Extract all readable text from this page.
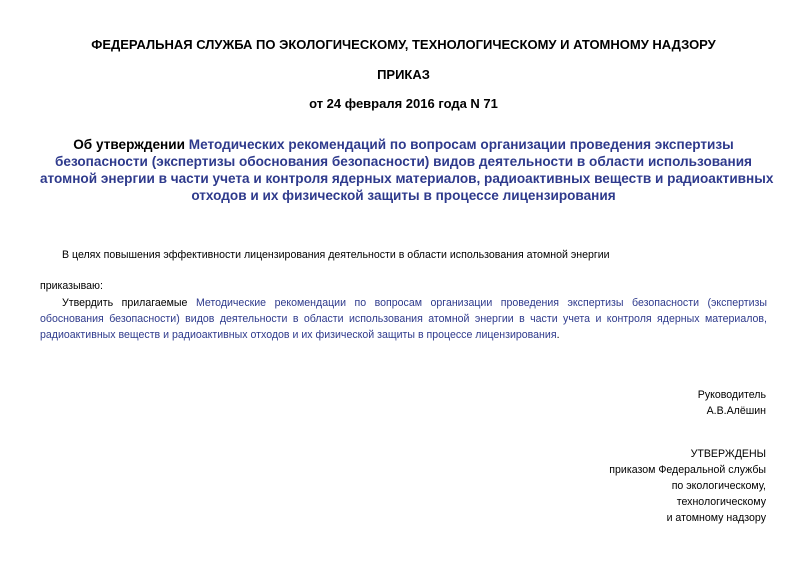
ФЕДЕРАЛЬНАЯ СЛУЖБА ПО ЭКОЛОГИЧЕСКОМУ, ТЕХНОЛОГИЧЕСКОМУ И АТОМНОМУ НАДЗОРУ
ПРИКАЗ
от 24 февраля 2016 года N 71
Об утверждении Методических рекомендаций по вопросам организации проведения экспертизы
безопасности (экспертизы обоснования безопасности) видов деятельности в области использования
атомной энергии в части учета и контроля ядерных материалов, радиоактивных веществ и радиоактивных
отходов и их физической защиты в процессе лицензирования
В целях повышения эффективности лицензирования деятельности в области использования атомной энергии
приказываю:
Утвердить прилагаемые Методические рекомендации по вопросам организации проведения экспертизы безопасности (экспертизы
обоснования безопасности) видов деятельности в области использования атомной энергии в части учета и контроля ядерных материалов,
радиоактивных веществ и радиоактивных отходов и их физической защиты в процессе лицензирования.
Руководитель
А.В.Алёшин
УТВЕРЖДЕНЫ
приказом Федеральной службы
по экологическому,
технологическому
и атомному надзору
